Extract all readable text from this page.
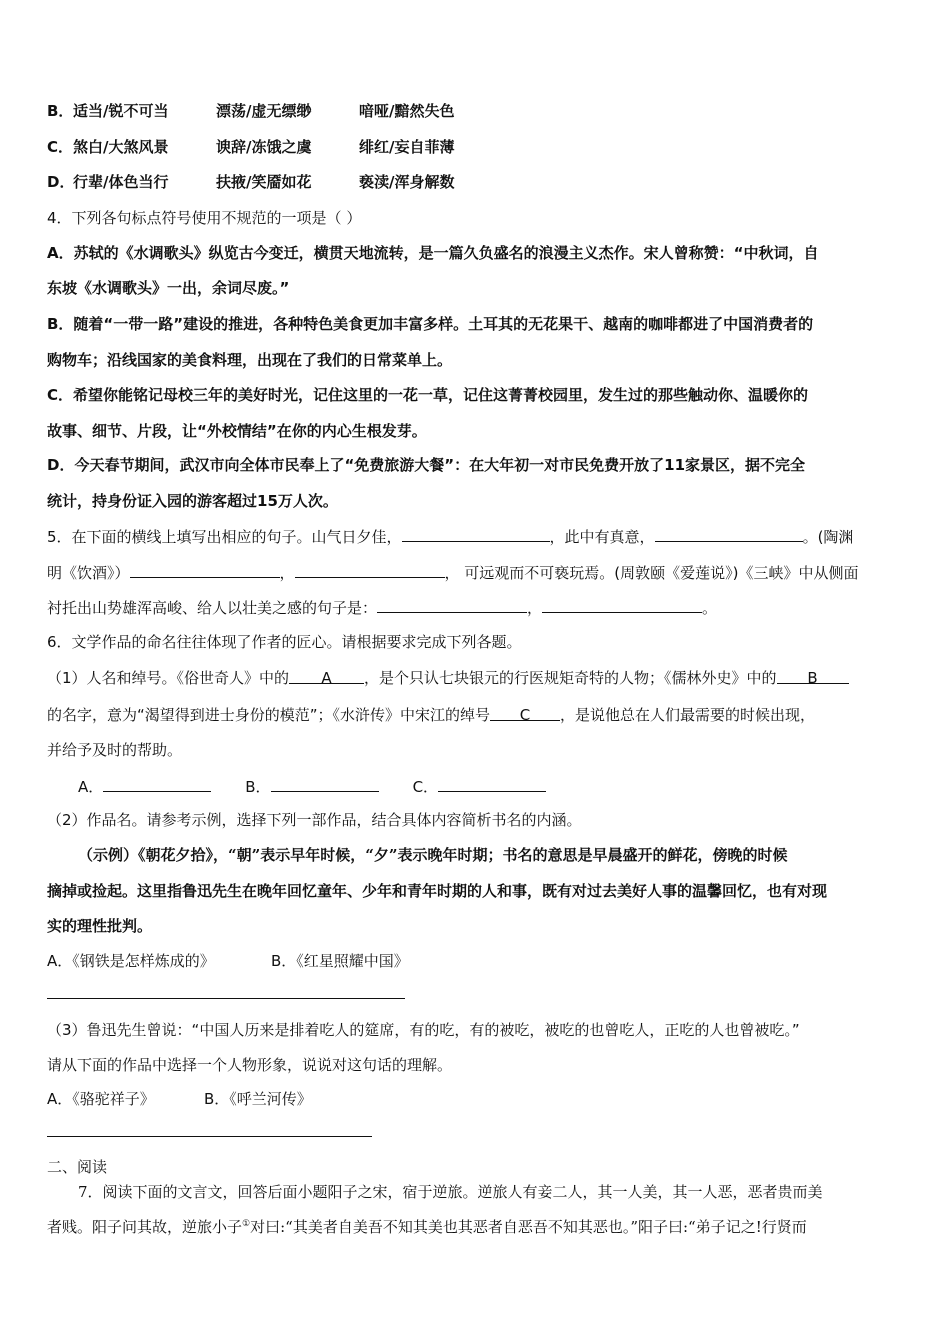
B．适当/锐不可当	漂荡/虚无缥缈	喑哑/黯然失色
C．煞白/大煞风景	谀辞/冻饿之虞	绯红/妄自菲薄
D．行辈/体色当行	扶掖/笑靥如花	亵渎/浑身解数
4．下列各句标点符号使用不规范的一项是（ ）
A．苏轼的《水调歌头》纵览古今变迁，横贯天地流转，是一篇久负盛名的浪漫主义杰作。宋人曾称赞：“中秋词，自
东坡《水调歌头》一出，余词尽废。”
B．随着“一带一路”建设的推进，各种特色美食更加丰富多样。土耳其的无花果干、越南的咖啡都进了中国消费者的
购物车；沿线国家的美食料理，出现在了我们的日常菜单上。
C．希望你能铭记母校三年的美好时光，记住这里的一花一草，记住这菁菁校园里，发生过的那些触动你、温暖你的
故事、细节、片段，让“外校情结”在你的内心生根发芽。
D．今天春节期间，武汉市向全体市民奉上了“免费旅游大餐”：在大年初一对市民免费开放了11家景区，据不完全
统计，持身份证入园的游客超过15万人次。
5．在下面的横线上填写出相应的句子。山气日夕佳，	，此中有真意，	。(陶渊
明《饮酒》）	，	， 可远观而不可亵玩焉。(周敦颐《爱莲说》)《三峡》中从侧面
衬托出山势雄浑高峻、给人以壮美之感的句子是：	，	。
6．文学作品的命名往往体现了作者的匠心。请根据要求完成下列各题。
（1）人名和绰号。《俗世奇人》中的 A ，是个只认七块银元的行医规矩奇特的人物；《儒林外史》中的 B
的名字，意为“渴望得到进士身份的模范”；《水浒传》中宋江的绰号 C ，是说他总在人们最需要的时候出现，
并给予及时的帮助。
A．	B．	C．
（2）作品名。请参考示例，选择下列一部作品，结合具体内容简析书名的内涵。
（示例）《朝花夕拾》，“朝”表示早年时候，“夕”表示晚年时期；书名的意思是早晨盛开的鲜花，傍晚的时候
摘掉或捡起。这里指鲁迅先生在晚年回忆童年、少年和青年时期的人和事，既有对过去美好人事的温馨回忆，也有对现
实的理性批判。
A．《钢铁是怎样炼成的》	B．《红星照耀中国》
（3）鲁迅先生曾说：“中国人历来是排着吃人的筵席，有的吃，有的被吃，被吃的也曾吃人，正吃的人也曾被吃。”
请从下面的作品中选择一个人物形象，说说对这句话的理解。
A．《骆驼祥子》	B．《呼兰河传》
二、阅读
7．阅读下面的文言文，回答后面小题阳子之宋，宿于逆旅。逆旅人有妾二人，其一人美，其一人恶，恶者贵而美
者贱。阳子问其故，逆旅小子①对曰:“其美者自美吾不知其美也其恶者自恶吾不知其恶也。”阳子曰:“弟子记之!行贤而
